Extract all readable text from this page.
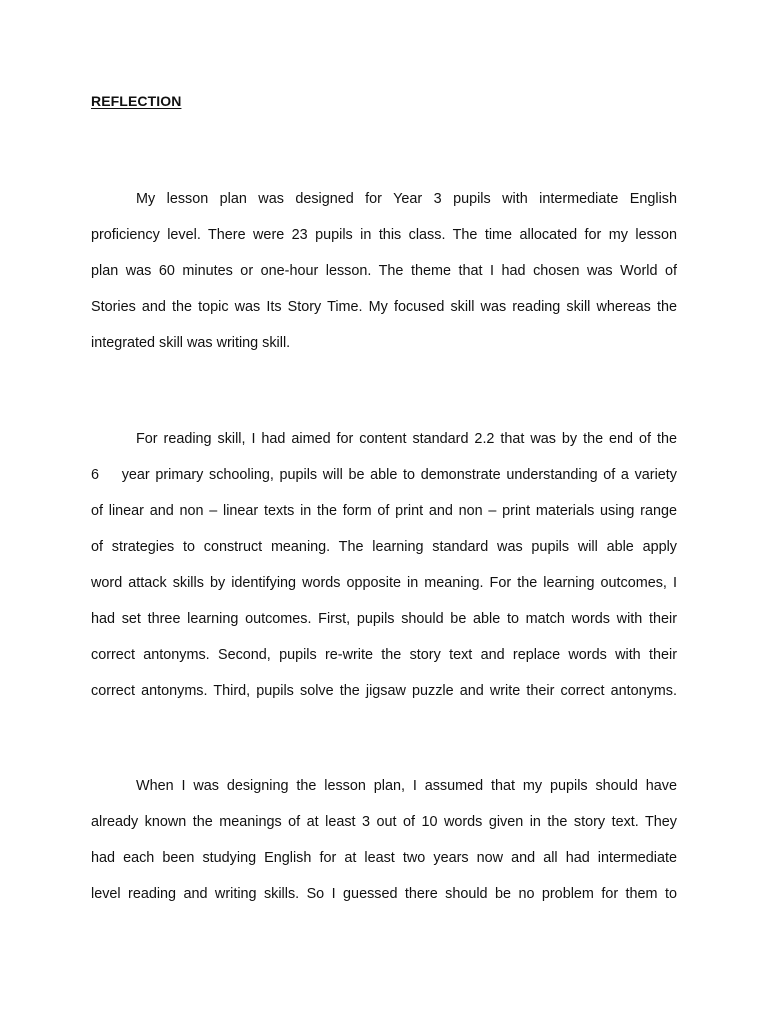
REFLECTION
My lesson plan was designed for Year 3 pupils with intermediate English
proficiency level. There were 23 pupils in this class. The time allocated for my lesson
plan was 60 minutes or one-hour lesson. The theme that I had chosen was World of
Stories and the topic was Its Story Time. My focused skill was reading skill whereas the
integrated skill was writing skill.
For reading skill, I had aimed for content standard 2.2 that was by the end of the
6    year primary schooling, pupils will be able to demonstrate understanding of a variety
of linear and non – linear texts in the form of print and non – print materials using range
of strategies to construct meaning. The learning standard was pupils will able apply
word attack skills by identifying words opposite in meaning. For the learning outcomes, I
had set three learning outcomes. First, pupils should be able to match words with their
correct antonyms. Second, pupils re-write the story text and replace words with their
correct antonyms. Third, pupils solve the jigsaw puzzle and write their correct antonyms.
When I was designing the lesson plan, I assumed that my pupils should have
already known the meanings of at least 3 out of 10 words given in the story text. They
had each been studying English for at least two years now and all had intermediate
level reading and writing skills. So I guessed there should be no problem for them to
